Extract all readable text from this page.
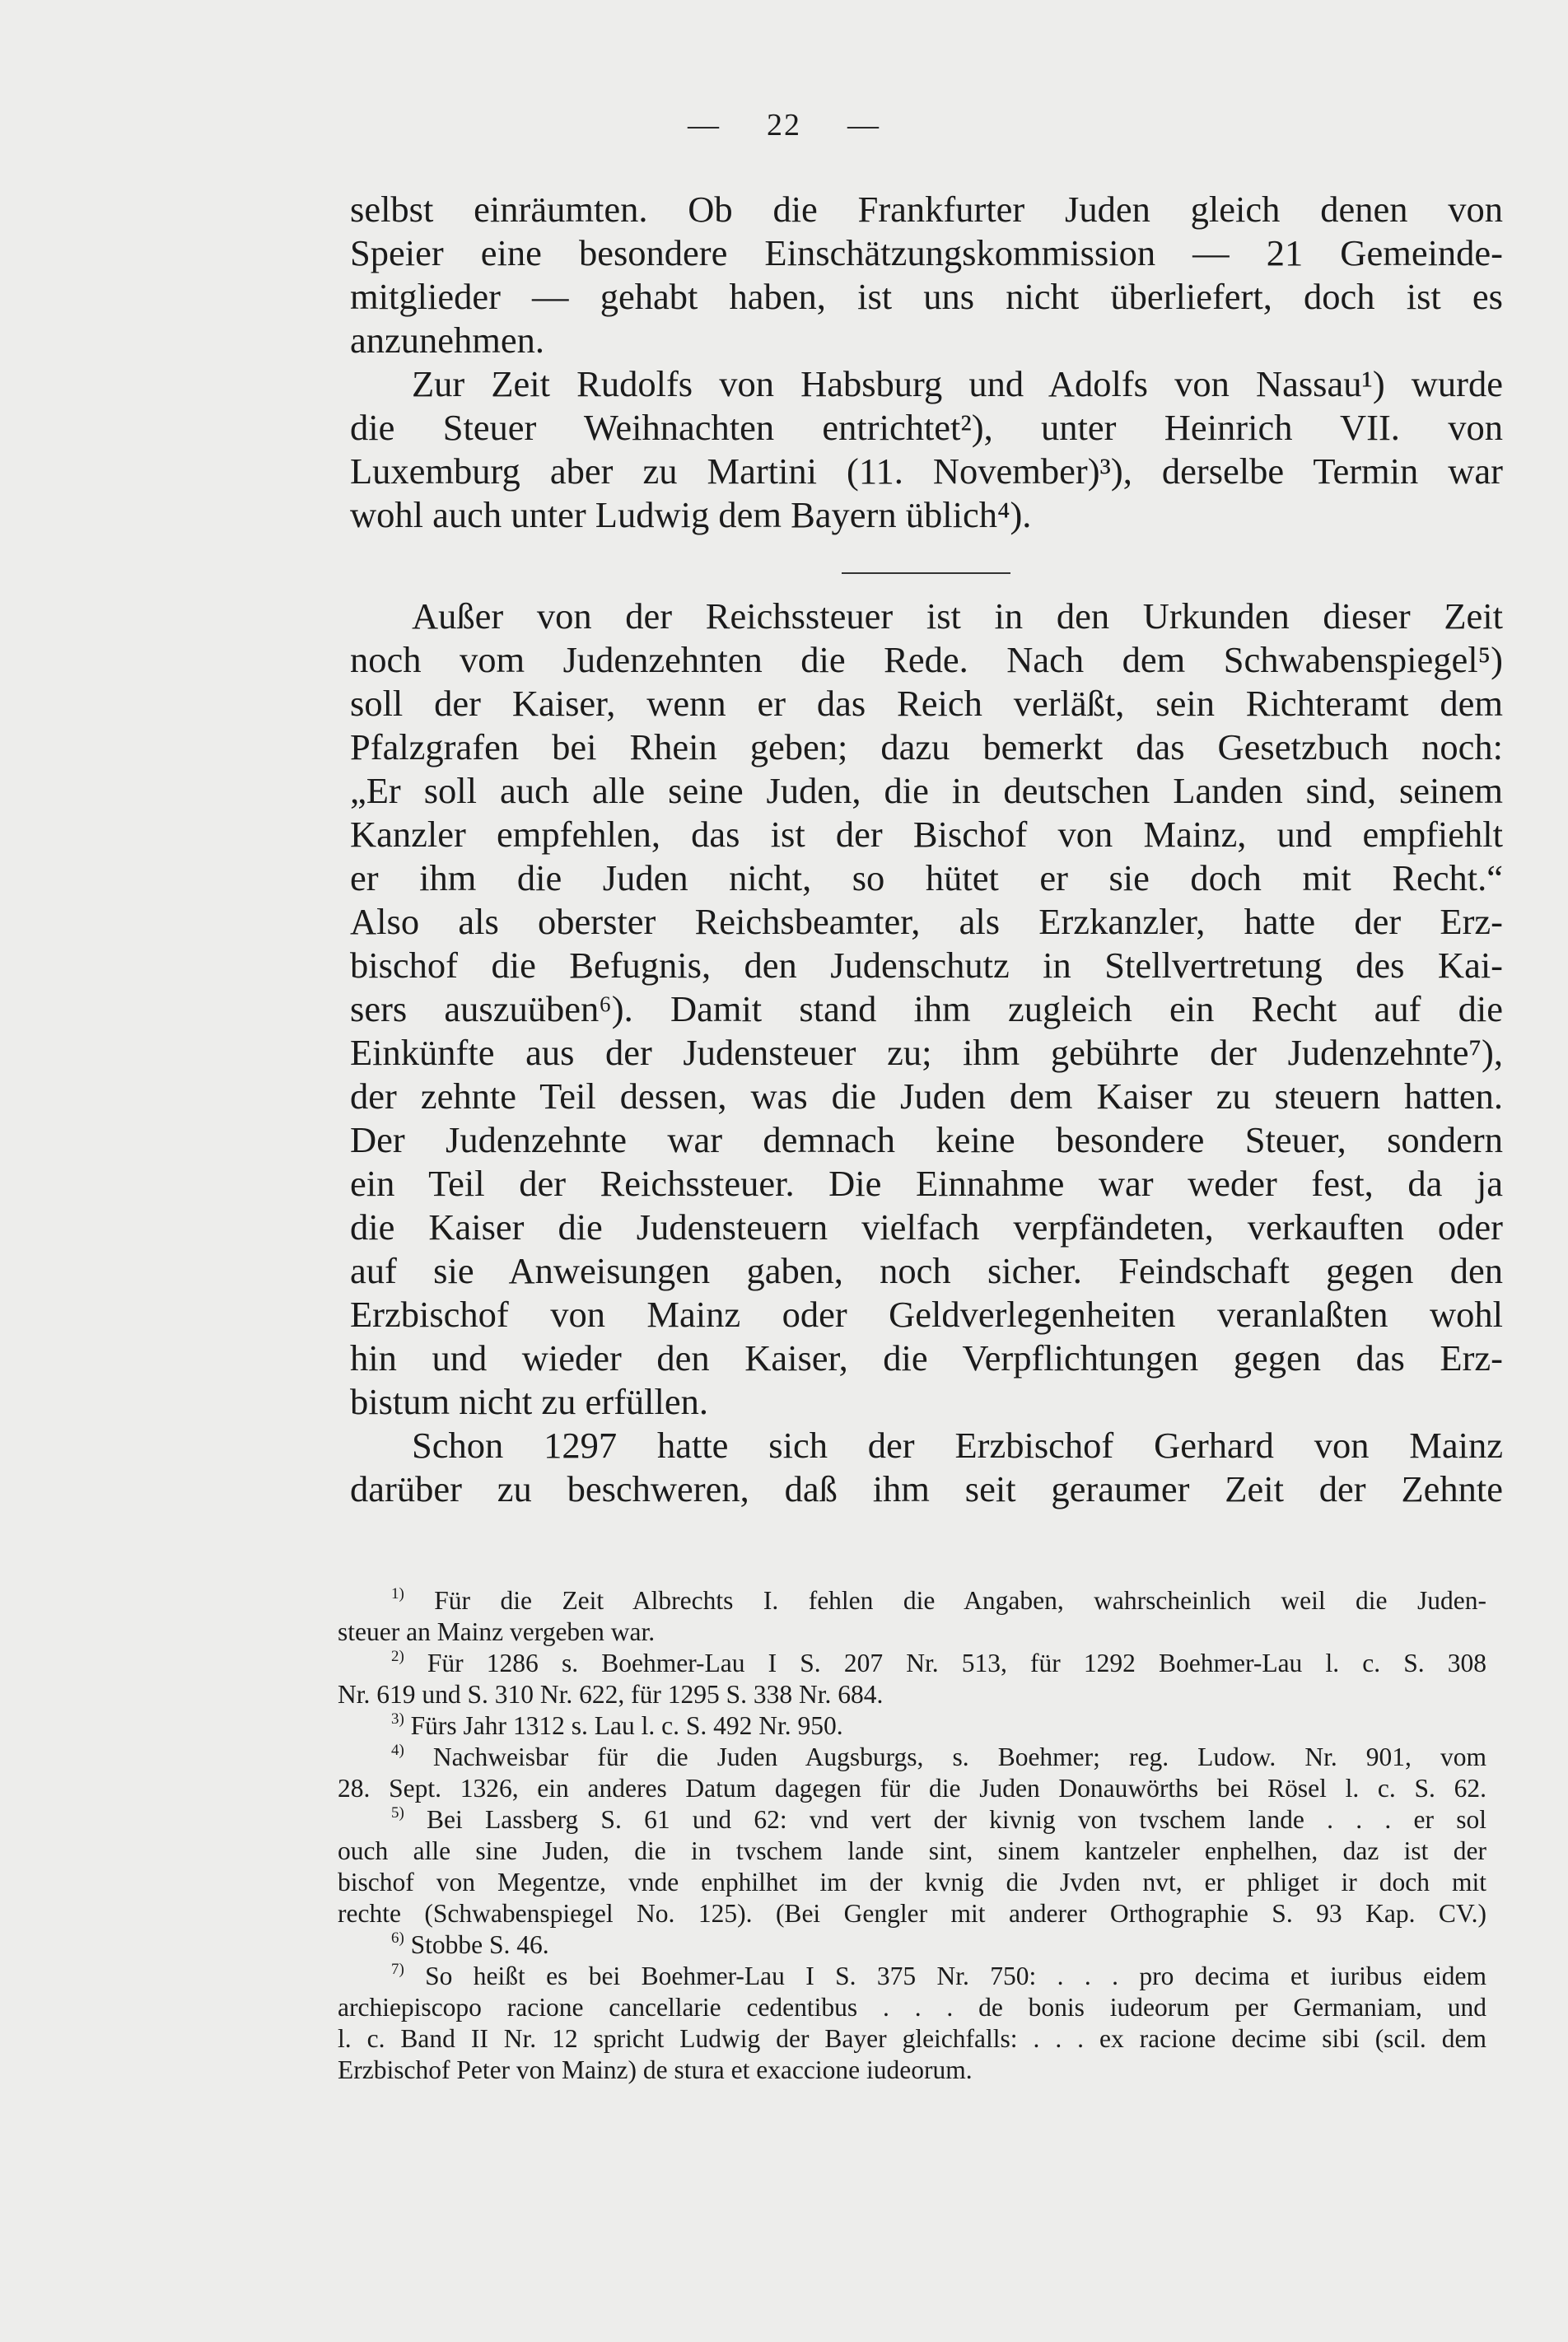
— 22 —
selbst einräumten. Ob die Frankfurter Juden gleich denen von
Speier eine besondere Einschätzungskommission — 21 Gemeinde-
mitglieder — gehabt haben, ist uns nicht überliefert, doch ist es
anzunehmen.
Zur Zeit Rudolfs von Habsburg und Adolfs von Nassau¹) wurde
die Steuer Weihnachten entrichtet²), unter Heinrich VII. von
Luxemburg aber zu Martini (11. November)³), derselbe Termin war
wohl auch unter Ludwig dem Bayern üblich⁴).
Außer von der Reichssteuer ist in den Urkunden dieser Zeit
noch vom Judenzehnten die Rede. Nach dem Schwabenspiegel⁵)
soll der Kaiser, wenn er das Reich verläßt, sein Richteramt dem
Pfalzgrafen bei Rhein geben; dazu bemerkt das Gesetzbuch noch:
„Er soll auch alle seine Juden, die in deutschen Landen sind, seinem
Kanzler empfehlen, das ist der Bischof von Mainz, und empfiehlt
er ihm die Juden nicht, so hütet er sie doch mit Recht.“
Also als oberster Reichsbeamter, als Erzkanzler, hatte der Erz-
bischof die Befugnis, den Judenschutz in Stellvertretung des Kai-
sers auszuüben⁶). Damit stand ihm zugleich ein Recht auf die
Einkünfte aus der Judensteuer zu; ihm gebührte der Judenzehnte⁷),
der zehnte Teil dessen, was die Juden dem Kaiser zu steuern hatten.
Der Judenzehnte war demnach keine besondere Steuer, sondern
ein Teil der Reichssteuer. Die Einnahme war weder fest, da ja
die Kaiser die Judensteuern vielfach verpfändeten, verkauften oder
auf sie Anweisungen gaben, noch sicher. Feindschaft gegen den
Erzbischof von Mainz oder Geldverlegenheiten veranlaßten wohl
hin und wieder den Kaiser, die Verpflichtungen gegen das Erz-
bistum nicht zu erfüllen.
Schon 1297 hatte sich der Erzbischof Gerhard von Mainz
darüber zu beschweren, daß ihm seit geraumer Zeit der Zehnte
$^{1)}$ Für die Zeit Albrechts I. fehlen die Angaben, wahrscheinlich weil die Juden-
steuer an Mainz vergeben war.
$^{2)}$ Für 1286 s. Boehmer-Lau I S. 207 Nr. 513, für 1292 Boehmer-Lau l. c. S. 308
Nr. 619 und S. 310 Nr. 622, für 1295 S. 338 Nr. 684.
$^{3)}$ Fürs Jahr 1312 s. Lau l. c. S. 492 Nr. 950.
$^{4)}$ Nachweisbar für die Juden Augsburgs, s. Boehmer; reg. Ludow. Nr. 901, vom
28. Sept. 1326, ein anderes Datum dagegen für die Juden Donauwörths bei Rösel l. c. S. 62.
$^{5)}$ Bei Lassberg S. 61 und 62: vnd vert der kivnig von tvschem lande . . . er sol
ouch alle sine Juden, die in tvschem lande sint, sinem kantzeler enphelhen, daz ist der
bischof von Megentze, vnde enphilhet im der kvnig die Jvden nvt, er phliget ir doch mit
rechte (Schwabenspiegel No. 125). (Bei Gengler mit anderer Orthographie S. 93 Kap. CV.)
$^{6)}$ Stobbe S. 46.
$^{7)}$ So heißt es bei Boehmer-Lau I S. 375 Nr. 750: . . . pro decima et iuribus eidem
archiepiscopo racione cancellarie cedentibus . . . de bonis iudeorum per Germaniam, und
l. c. Band II Nr. 12 spricht Ludwig der Bayer gleichfalls: . . . ex racione decime sibi (scil. dem
Erzbischof Peter von Mainz) de stura et exaccione iudeorum.
